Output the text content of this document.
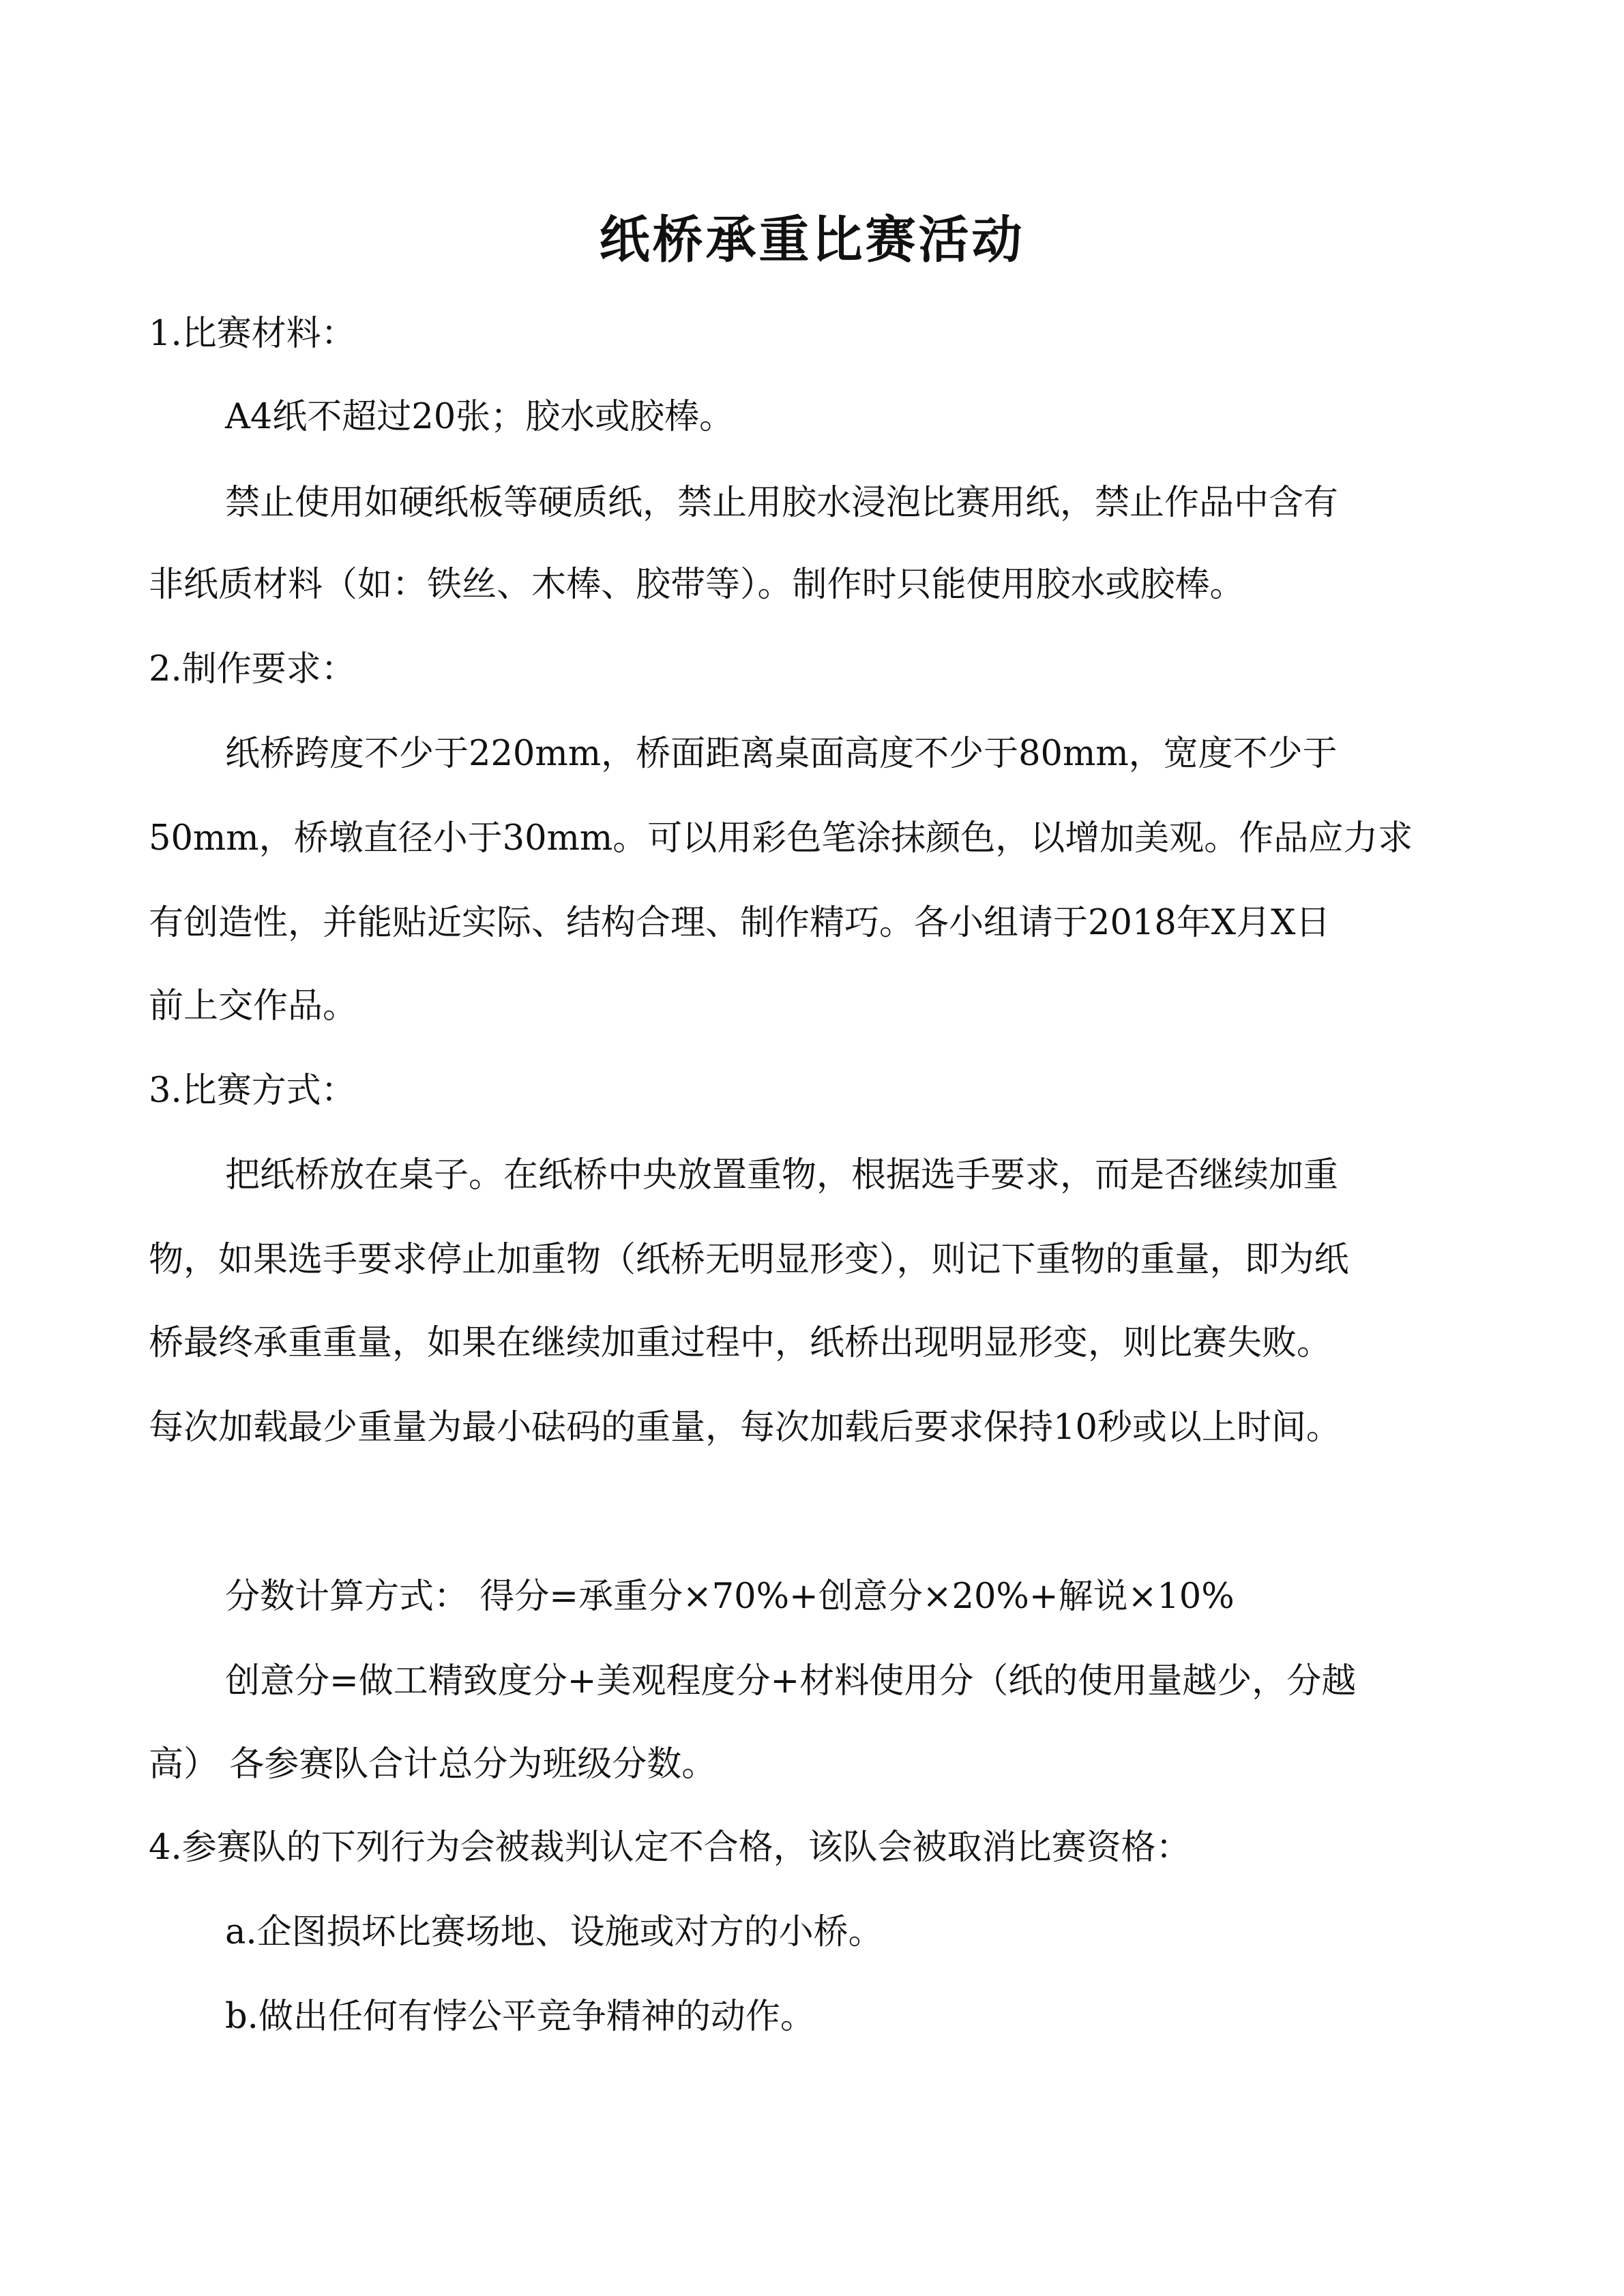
纸桥承重比赛活动
1.比赛材料：
A4纸不超过20张；胶水或胶棒。
禁止使用如硬纸板等硬质纸，禁止用胶水浸泡比赛用纸，禁止作品中含有
非纸质材料（如：铁丝、木棒、胶带等）。制作时只能使用胶水或胶棒。
2.制作要求：
纸桥跨度不少于220mm，桥面距离桌面高度不少于80mm，宽度不少于
50mm，桥墩直径小于30mm。可以用彩色笔涂抹颜色，以增加美观。作品应力求
有创造性，并能贴近实际、结构合理、制作精巧。各小组请于2018年X月X日
前上交作品。
3.比赛方式：
把纸桥放在桌子。在纸桥中央放置重物，根据选手要求，而是否继续加重
物，如果选手要求停止加重物（纸桥无明显形变），则记下重物的重量，即为纸
桥最终承重重量，如果在继续加重过程中，纸桥出现明显形变，则比赛失败。
每次加载最少重量为最小砝码的重量，每次加载后要求保持10秒或以上时间。
分数计算方式： 得分=承重分×70%+创意分×20%+解说×10%
创意分=做工精致度分+美观程度分+材料使用分（纸的使用量越少，分越
高） 各参赛队合计总分为班级分数。
4.参赛队的下列行为会被裁判认定不合格，该队会被取消比赛资格：
a.企图损坏比赛场地、设施或对方的小桥。
b.做出任何有悖公平竞争精神的动作。
